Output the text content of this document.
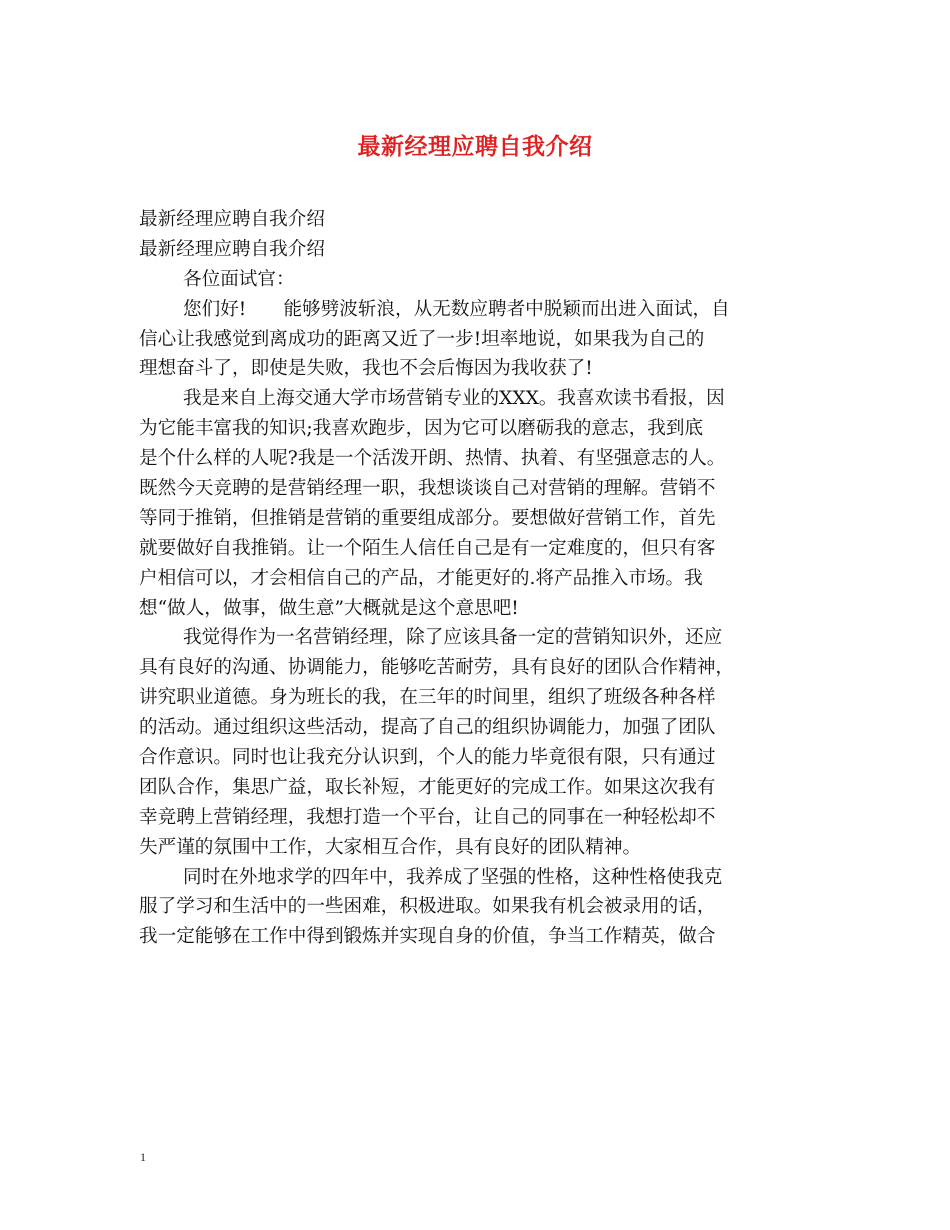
最新经理应聘自我介绍
最新经理应聘自我介绍
最新经理应聘自我介绍
各位面试官：
您们好!　　能够劈波斩浪，从无数应聘者中脱颖而出进入面试，自
信心让我感觉到离成功的距离又近了一步!坦率地说，如果我为自己的
理想奋斗了，即使是失败，我也不会后悔因为我收获了!
我是来自上海交通大学市场营销专业的XXX。我喜欢读书看报，因
为它能丰富我的知识;我喜欢跑步，因为它可以磨砺我的意志，我到底
是个什么样的人呢?我是一个活泼开朗、热情、执着、有坚强意志的人。
既然今天竞聘的是营销经理一职，我想谈谈自己对营销的理解。营销不
等同于推销，但推销是营销的重要组成部分。要想做好营销工作，首先
就要做好自我推销。让一个陌生人信任自己是有一定难度的，但只有客
户相信可以，才会相信自己的产品，才能更好的.将产品推入市场。我
想“做人，做事，做生意”大概就是这个意思吧!
我觉得作为一名营销经理，除了应该具备一定的营销知识外，还应
具有良好的沟通、协调能力，能够吃苦耐劳，具有良好的团队合作精神，
讲究职业道德。身为班长的我，在三年的时间里，组织了班级各种各样
的活动。通过组织这些活动，提高了自己的组织协调能力，加强了团队
合作意识。同时也让我充分认识到，个人的能力毕竟很有限，只有通过
团队合作，集思广益，取长补短，才能更好的完成工作。如果这次我有
幸竞聘上营销经理，我想打造一个平台，让自己的同事在一种轻松却不
失严谨的氛围中工作，大家相互合作，具有良好的团队精神。
同时在外地求学的四年中，我养成了坚强的性格，这种性格使我克
服了学习和生活中的一些困难，积极进取。如果我有机会被录用的话，
我一定能够在工作中得到锻炼并实现自身的价值，争当工作精英，做合
1
